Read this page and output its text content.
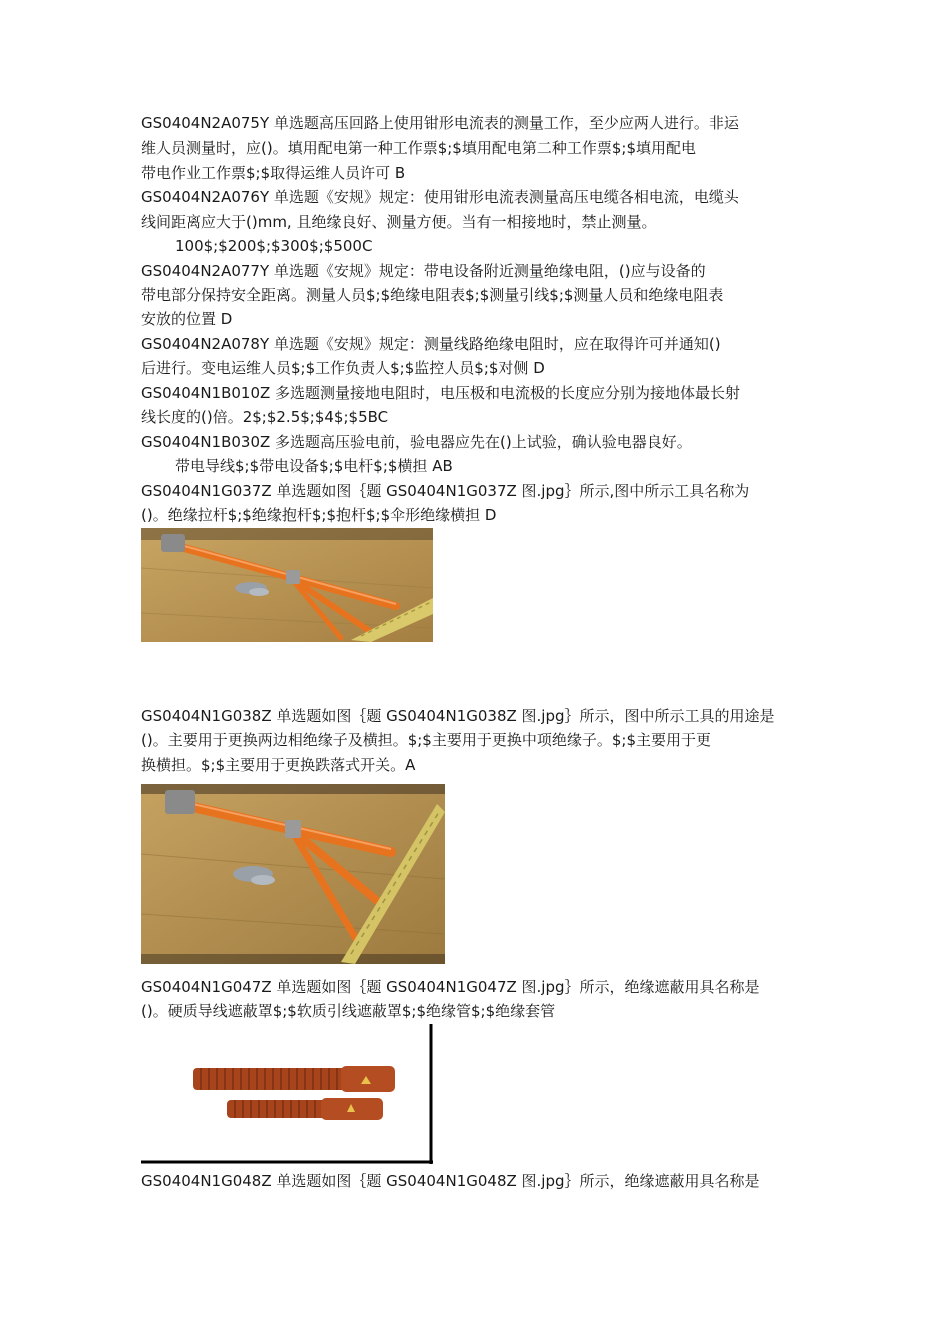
GS0404N2A075Y 单选题高压回路上使用钳形电流表的测量工作，至少应两人进行。非运
维人员测量时，应()。填用配电第一种工作票$;$填用配电第二种工作票$;$填用配电
带电作业工作票$;$取得运维人员许可 B
GS0404N2A076Y 单选题《安规》规定：使用钳形电流表测量高压电缆各相电流，电缆头
线间距离应大于()mm, 且绝缘良好、测量方便。当有一相接地时，禁止测量。
100$;$200$;$300$;$500C
GS0404N2A077Y 单选题《安规》规定：带电设备附近测量绝缘电阻，()应与设备的
带电部分保持安全距离。测量人员$;$绝缘电阻表$;$测量引线$;$测量人员和绝缘电阻表
安放的位置 D
GS0404N2A078Y 单选题《安规》规定：测量线路绝缘电阻时，应在取得许可并通知()
后进行。变电运维人员$;$工作负责人$;$监控人员$;$对侧 D
GS0404N1B010Z 多选题测量接地电阻时，电压极和电流极的长度应分别为接地体最长射
线长度的()倍。2$;$2.5$;$4$;$5BC
GS0404N1B030Z 多选题高压验电前，验电器应先在()上试验，确认验电器良好。
带电导线$;$带电设备$;$电杆$;$横担 AB
GS0404N1G037Z 单选题如图｛题 GS0404N1G037Z 图.jpg｝所示,图中所示工具名称为
()。绝缘拉杆$;$绝缘抱杆$;$抱杆$;$伞形绝缘横担 D
GS0404N1G038Z 单选题如图｛题 GS0404N1G038Z 图.jpg｝所示，图中所示工具的用途是
()。主要用于更换两边相绝缘子及横担。$;$主要用于更换中项绝缘子。$;$主要用于更
换横担。$;$主要用于更换跌落式开关。A
GS0404N1G047Z 单选题如图｛题 GS0404N1G047Z 图.jpg｝所示，绝缘遮蔽用具名称是
()。硬质导线遮蔽罩$;$软质引线遮蔽罩$;$绝缘管$;$绝缘套管
GS0404N1G048Z 单选题如图｛题 GS0404N1G048Z 图.jpg｝所示，绝缘遮蔽用具名称是
